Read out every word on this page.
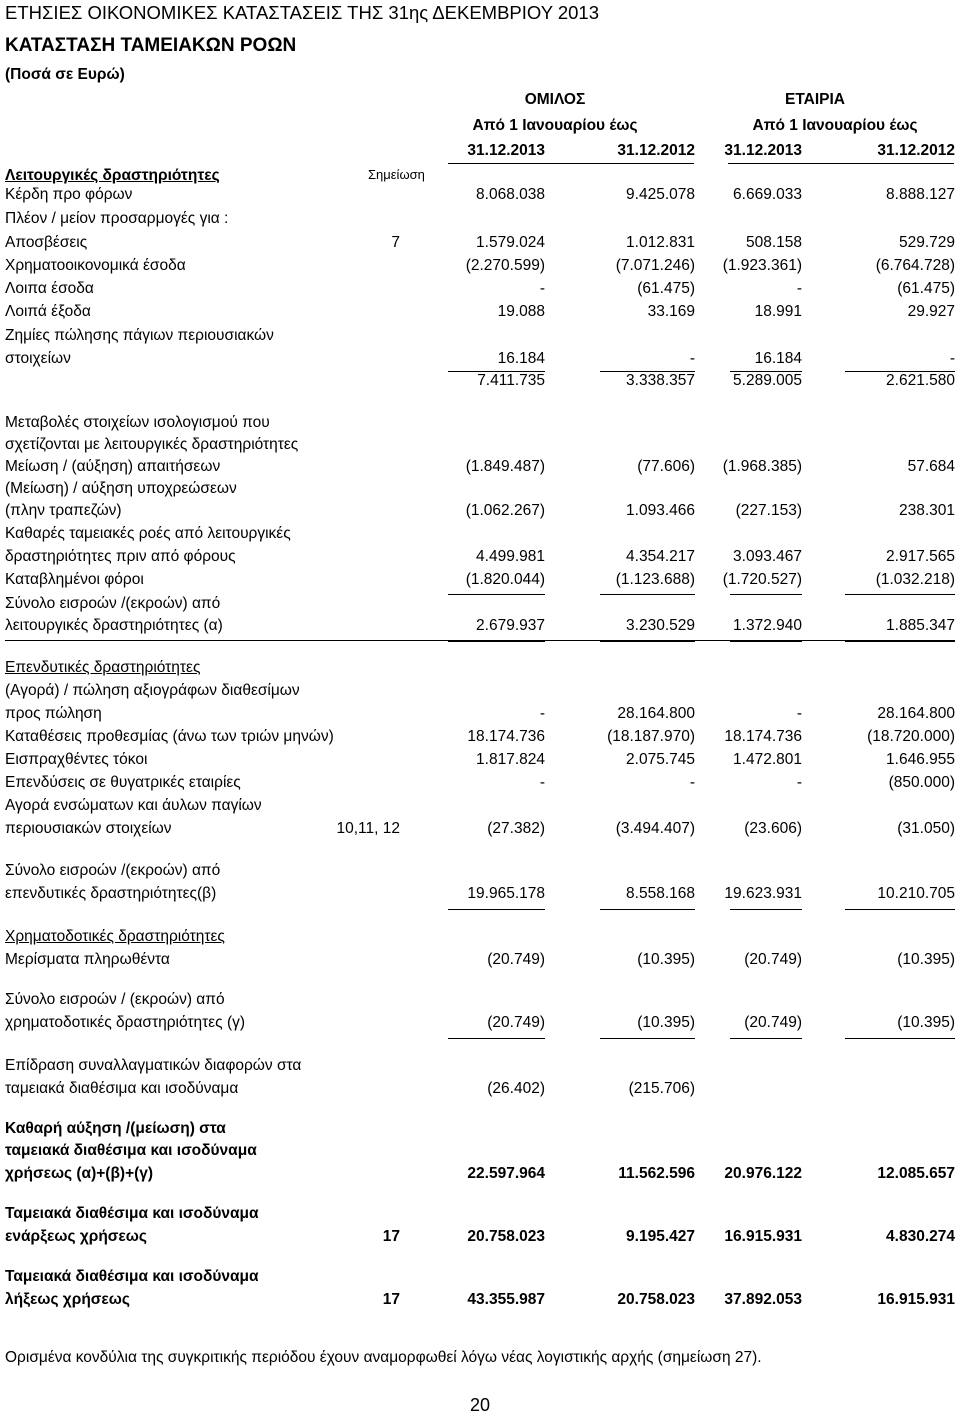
ΕΤΗΣΙΕΣ ΟΙΚΟΝΟΜΙΚΕΣ ΚΑΤΑΣΤΑΣΕΙΣ ΤΗΣ 31ης ΔΕΚΕΜΒΡΙΟΥ 2013
ΚΑΤΑΣΤΑΣΗ ΤΑΜΕΙΑΚΩΝ ΡΟΩΝ
(Ποσά σε Ευρώ)
ΟΜΙΛΟΣ	ΕΤΑΙΡΙΑ
Από 1 Ιανουαρίου έως	Από 1 Ιανουαρίου έως
31.12.2013	31.12.2012	31.12.2013	31.12.2012
Σημείωση
Λειτουργικές δραστηριότητες
Κέρδη προ φόρων	8.068.038	9.425.078	6.669.033	8.888.127
Πλέον / μείον προσαρμογές για :
Αποσβέσεις	7	1.579.024	1.012.831	508.158	529.729
Χρηματοοικονομικά έσοδα	(2.270.599)	(7.071.246)	(1.923.361)	(6.764.728)
Λοιπα έσοδα	-	(61.475)	-	(61.475)
Λοιπά έξοδα	19.088	33.169	18.991	29.927
Ζημίες πώλησης πάγιων περιουσιακών
στοιχείων	16.184	-	16.184	-
7.411.735	3.338.357	5.289.005	2.621.580
Μεταβολές στοιχείων ισολογισμού που
σχετίζονται με λειτουργικές δραστηριότητες
Μείωση / (αύξηση) απαιτήσεων	(1.849.487)	(77.606)	(1.968.385)	57.684
(Μείωση) / αύξηση υποχρεώσεων
(πλην τραπεζών)	(1.062.267)	1.093.466	(227.153)	238.301
Καθαρές ταμειακές ροές από λειτουργικές
δραστηριότητες πριν από φόρους	4.499.981	4.354.217	3.093.467	2.917.565
Καταβλημένοι φόροι	(1.820.044)	(1.123.688)	(1.720.527)	(1.032.218)
Σύνολο εισροών /(εκροών) από
λειτουργικές δραστηριότητες (α)	2.679.937	3.230.529	1.372.940	1.885.347
Επενδυτικές δραστηριότητες
(Αγορά) / πώληση αξιογράφων διαθεσίμων
προς πώληση	-	28.164.800	-	28.164.800
Καταθέσεις προθεσμίας (άνω των τριών μηνών)	18.174.736	(18.187.970)	18.174.736	(18.720.000)
Εισπραχθέντες τόκοι	1.817.824	2.075.745	1.472.801	1.646.955
Επενδύσεις σε θυγατρικές εταιρίες	-	-	-	(850.000)
Αγορά ενσώματων και άυλων παγίων
περιουσιακών στοιχείων	10,11, 12	(27.382)	(3.494.407)	(23.606)	(31.050)
Σύνολο εισροών /(εκροών) από
επενδυτικές δραστηριότητες(β)	19.965.178	8.558.168	19.623.931	10.210.705
Χρηματοδοτικές δραστηριότητες
Μερίσματα πληρωθέντα	(20.749)	(10.395)	(20.749)	(10.395)
Σύνολο εισροών / (εκροών) από
χρηματοδοτικές δραστηριότητες (γ)	(20.749)	(10.395)	(20.749)	(10.395)
Επίδραση συναλλαγματικών διαφορών στα
ταμειακά διαθέσιμα και ισοδύναμα	(26.402)	(215.706)
Καθαρή αύξηση /(μείωση) στα
ταμειακά διαθέσιμα και ισοδύναμα
χρήσεως (α)+(β)+(γ)	22.597.964	11.562.596	20.976.122	12.085.657
Ταμειακά διαθέσιμα και ισοδύναμα
ενάρξεως χρήσεως	17	20.758.023	9.195.427	16.915.931	4.830.274
Ταμειακά διαθέσιμα και ισοδύναμα
λήξεως χρήσεως	17	43.355.987	20.758.023	37.892.053	16.915.931
Ορισμένα κονδύλια της συγκριτικής περιόδου έχουν αναμορφωθεί λόγω νέας λογιστικής αρχής (σημείωση 27).
20
